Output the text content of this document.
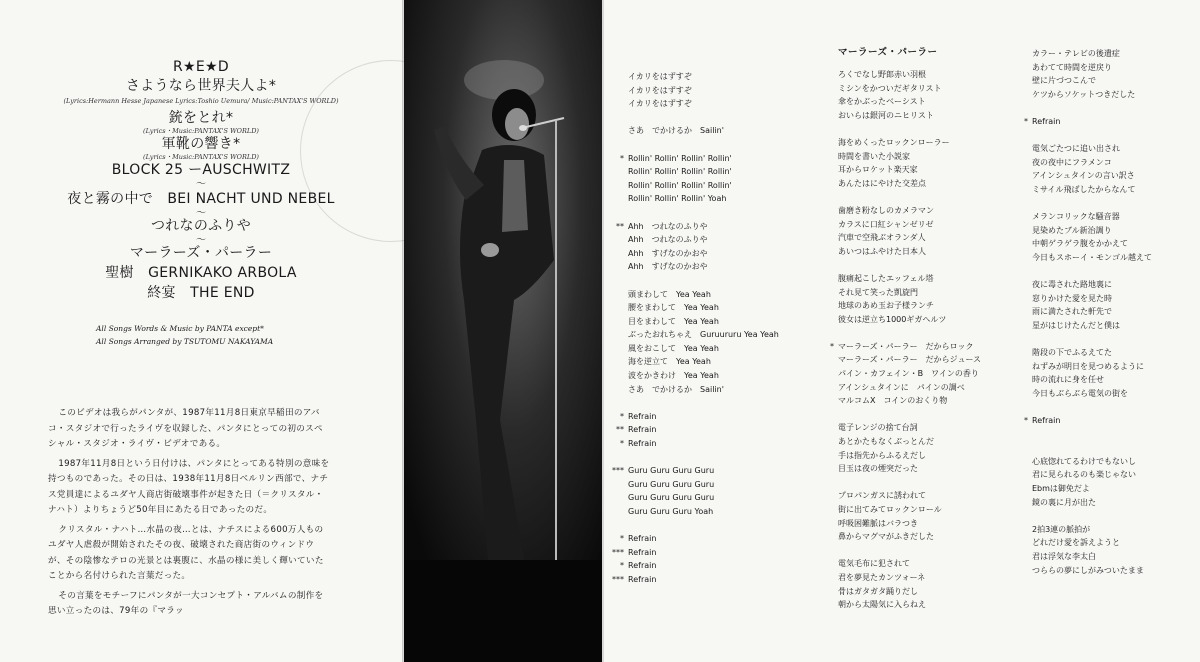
R★E★D
さようなら世界夫人よ*
(Lyrics:Hermann Hesse Japanese Lyrics:Toshio Uemura/ Music:PANTAX'S WORLD)
銃をとれ*
(Lyrics・Music:PANTAX'S WORLD)
軍靴の響き*
(Lyrics・Music:PANTAX'S WORLD)
BLOCK 25 ーAUSCHWITZ
～
夜と霧の中で　BEI NACHT UND NEBEL
～
つれなのふりや
～
マーラーズ・パーラー
聖樹　GERNIKAKO ARBOLA
終宴　THE END
All Songs Words & Music by PANTA except*
All Songs Arranged by TSUTOMU NAKAYAMA

このビデオは我らがパンタが、1987年11月8日東京早稲田のアバコ・スタジオで行ったライヴを収録した、パンタにとっての初のスペシャル・スタジオ・ライヴ・ビデオである。

1987年11月8日という日付けは、パンタにとってある特別の意味を持つものであった。その日は、1938年11月8日ベルリン西部で、ナチス党員達によるユダヤ人商店街破壊事件が起きた日（＝クリスタル・ナハト）よりちょうど50年目にあたる日であったのだ。

クリスタル・ナハト…水晶の夜…とは、ナチスによる600万人ものユダヤ人虐殺が開始されたその夜、破壊された商店街のウィンドウが、その陰惨なテロの光景とは裏腹に、水晶の様に美しく輝いていたことから名付けられた言葉だった。

その言葉をモチーフにパンタが一大コンセプト・アルバムの制作を思い立ったのは、79年の『マラッ

イカリをはずすぞ
イカリをはずすぞ
イカリをはずすぞ
さあ　でかけるか　Sailin'
* Rollin' Rollin' Rollin' Rollin'
Rollin' Rollin' Rollin' Rollin'
Rollin' Rollin' Rollin' Rollin'
Rollin' Rollin' Rollin' Yoah
** Ahh　つれなのふりや
Ahh　つれなのふりや
Ahh　すげなのかおや
Ahh　すげなのかおや
頭まわして　Yea Yeah
腰をまわして　Yea Yeah
目をまわして　Yea Yeah
ぶったおれちゃえ　Guruururu Yea Yeah
風をおこして　Yea Yeah
海を逆立て　Yea Yeah
波をかきわけ　Yea Yeah
さあ　でかけるか　Sailin'
* Refrain
** Refrain
* Refrain
*** Guru Guru Guru Guru
Guru Guru Guru Guru
Guru Guru Guru Guru
Guru Guru Guru Yoah
* Refrain
*** Refrain
* Refrain
*** Refrain
マーラーズ・パーラー
ろくでなし野郎赤い羽根
ミシンをかついだギタリスト
傘をかぶったベーシスト
おいらは銀河のニヒリスト
海をめくったロックンローラー
時間を書いた小説家
耳からロケット楽天家
あんたはにやけた交差点
歯磨き粉なしのカメラマン
カラスに口紅シャンゼリゼ
汽車で空飛ぶオランダ人
あいつはふやけた日本人
腹痛起こしたエッフェル塔
それ見て笑った凱旋門
地球のあめ玉お子様ランチ
彼女は逆立ち1000ギガヘルツ
* マーラーズ・パーラー　だからロック
マーラーズ・パーラー　だからジュース
パイン・カフェイン・B　ワインの香り
アインシュタインに　パインの調べ
マルコムX　コインのおくり物
電子レンジの捨て台詞
あとかたもなくぶっとんだ
手は指先からふるえだし
目玉は夜の煙突だった
プロパンガスに誘われて
街に出てみてロックンロール
呼吸困難脈はバラつき
鼻からマグマがふきだした
電気毛布に犯されて
君を夢見たカンツォーネ
骨はガタガタ踊りだし
朝から太陽気に入らねえ
カラー・テレビの後遺症
あわてて時間を逆戻り
壁に片づつこんで
ケツからソケットつきだした
* Refrain
電気ごたつに追い出され
夜の夜中にフラメンコ
アインシュタインの言い訳さ
ミサイル飛ばしたからなんて
メランコリックな騒音器
見染めたブル新治調り
中朝ゲラゲラ腹をかかえて
今日もスホーイ・モンゴル越えて
夜に毒された路地裏に
窓りかけた愛を見た時
雨に満たされた軒先で
星がはじけたんだと僕は
階段の下でふるえてた
ねずみが明日を見つめるように
時の流れに身を任せ
今日もぶらぶら電気の街を
* Refrain
心底惚れてるわけでもないし
君に見られるのも楽じゃない
Ebmは御免だよ
鏡の裏に月が出た
2拍3連の脈拍が
どれだけ愛を訴えようと
君は浮気な李太白
つららの夢にしがみついたまま
